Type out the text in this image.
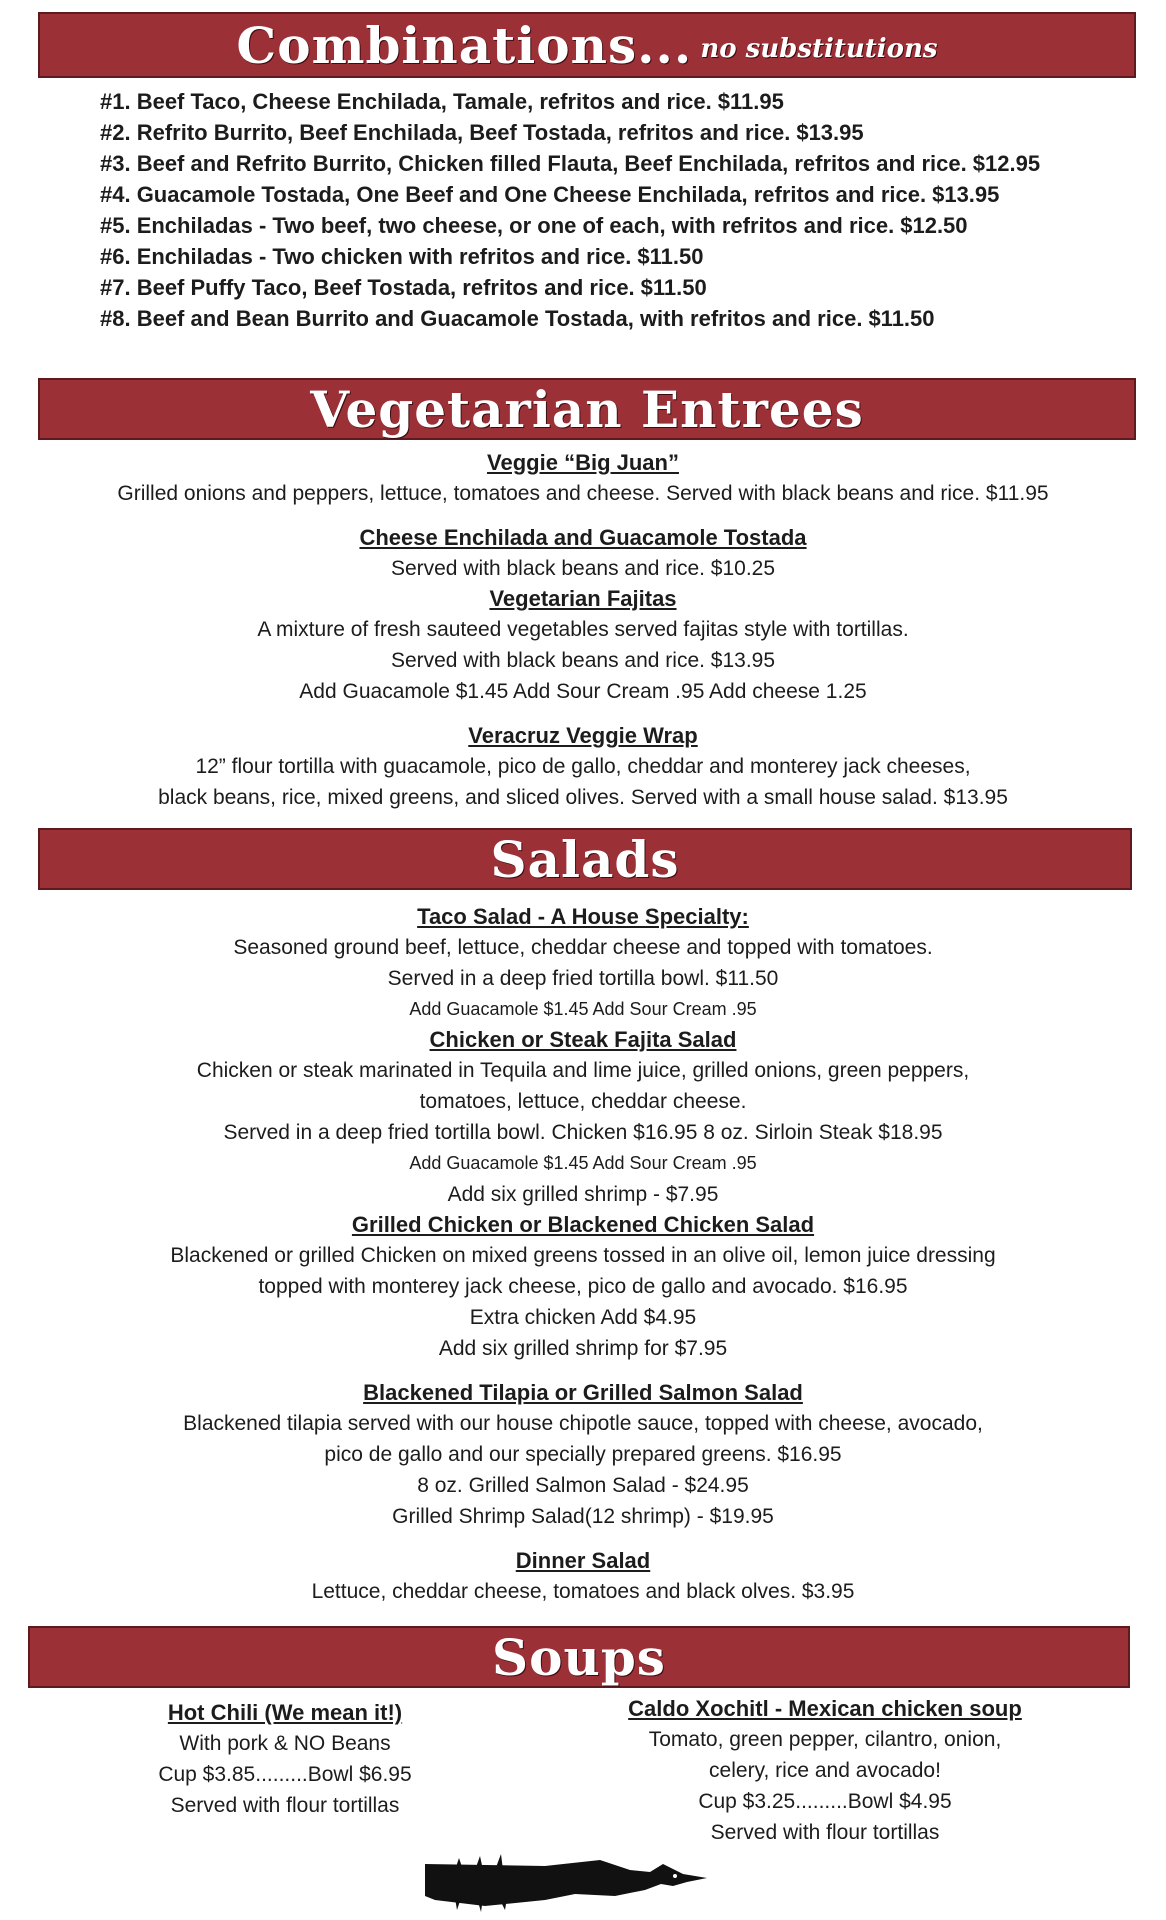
Combinations... no substitutions
#1. Beef Taco, Cheese Enchilada, Tamale, refritos and rice. $11.95
#2. Refrito Burrito, Beef Enchilada, Beef Tostada, refritos and rice. $13.95
#3. Beef and Refrito Burrito, Chicken filled Flauta, Beef Enchilada, refritos and rice. $12.95
#4. Guacamole Tostada, One Beef and One Cheese Enchilada, refritos and rice. $13.95
#5. Enchiladas - Two beef, two cheese, or one of each, with refritos and rice. $12.50
#6. Enchiladas - Two chicken with refritos and rice. $11.50
#7. Beef Puffy Taco, Beef Tostada, refritos and rice. $11.50
#8. Beef and Bean Burrito and Guacamole Tostada, with refritos and rice. $11.50
Vegetarian Entrees
Veggie “Big Juan”
Grilled onions and peppers, lettuce, tomatoes and cheese. Served with black beans and rice. $11.95
Cheese Enchilada and Guacamole Tostada
Served with black beans and rice. $10.25
Vegetarian Fajitas
A mixture of fresh sauteed vegetables served fajitas style with tortillas.
Served with black beans and rice. $13.95
Add Guacamole $1.45 Add Sour Cream .95 Add cheese 1.25
Veracruz Veggie Wrap
12” flour tortilla with guacamole, pico de gallo, cheddar and monterey jack cheeses,
black beans, rice, mixed greens, and sliced olives. Served with a small house salad. $13.95
Salads
Taco Salad - A House Specialty:
Seasoned ground beef, lettuce, cheddar cheese and topped with tomatoes.
Served in a deep fried tortilla bowl. $11.50
Add Guacamole $1.45 Add Sour Cream .95
Chicken or Steak Fajita Salad
Chicken or steak marinated in Tequila and lime juice, grilled onions, green peppers,
tomatoes, lettuce, cheddar cheese.
Served in a deep fried tortilla bowl. Chicken $16.95 8 oz. Sirloin Steak $18.95
Add Guacamole $1.45 Add Sour Cream .95
Add six grilled shrimp - $7.95
Grilled Chicken or Blackened Chicken Salad
Blackened or grilled Chicken on mixed greens tossed in an olive oil, lemon juice dressing
topped with monterey jack cheese, pico de gallo and avocado. $16.95
Extra chicken Add $4.95
Add six grilled shrimp for $7.95
Blackened Tilapia or Grilled Salmon Salad
Blackened tilapia served with our house chipotle sauce, topped with cheese, avocado,
pico de gallo and our specially prepared greens. $16.95
8 oz. Grilled Salmon Salad - $24.95
Grilled Shrimp Salad(12 shrimp) - $19.95
Dinner Salad
Lettuce, cheddar cheese, tomatoes and black olves. $3.95
Soups
Hot Chili (We mean it!)
With pork & NO Beans
Cup $3.85.........Bowl $6.95
Served with flour tortillas
Caldo Xochitl - Mexican chicken soup
Tomato, green pepper, cilantro, onion,
celery, rice and avocado!
Cup $3.25.........Bowl $4.95
Served with flour tortillas
